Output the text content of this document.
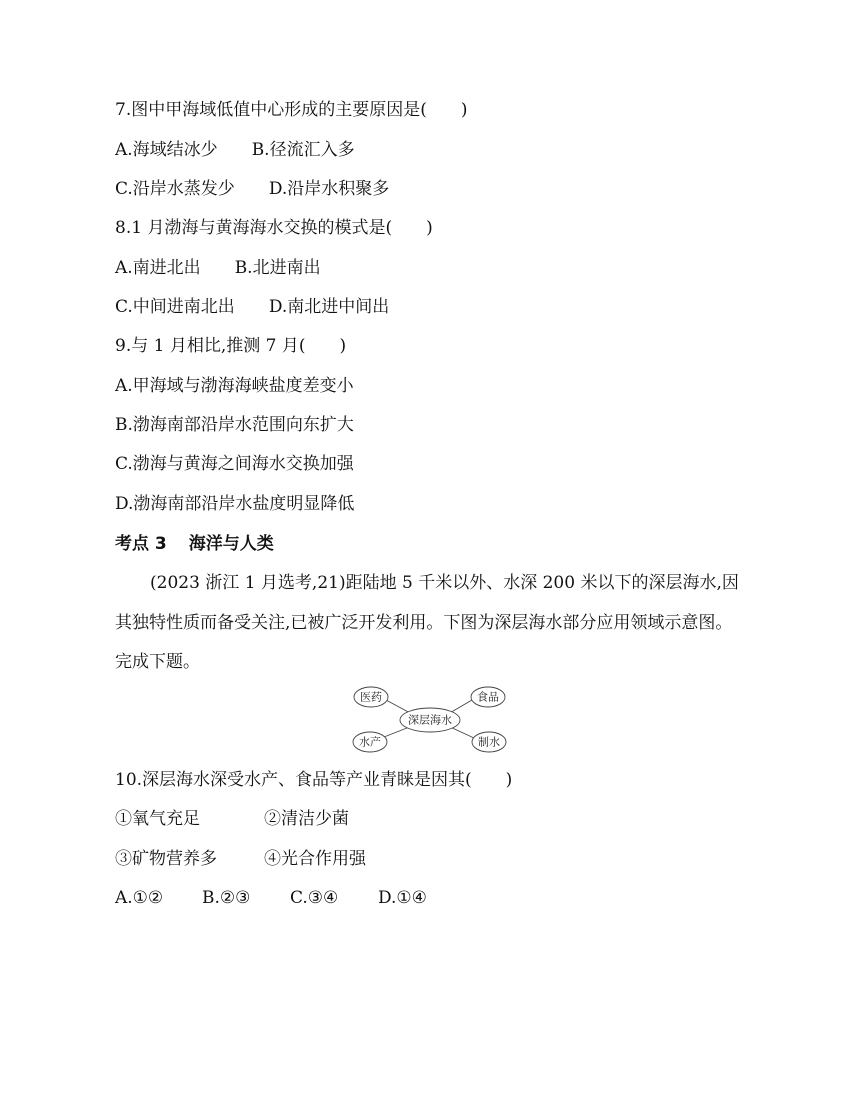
7.图中甲海域低值中心形成的主要原因是(　　)
A.海域结冰少 B.径流汇入多
C.沿岸水蒸发少 D.沿岸水积聚多
8.1 月渤海与黄海海水交换的模式是(　　)
A.南进北出 B.北进南出
C.中间进南北出 D.南北进中间出
9.与 1 月相比,推测 7 月(　　)
A.甲海域与渤海海峡盐度差变小
B.渤海南部沿岸水范围向东扩大
C.渤海与黄海之间海水交换加强
D.渤海南部沿岸水盐度明显降低
考点 3 海洋与人类
(2023 浙江 1 月选考,21)距陆地 5 千米以外、水深 200 米以下的深层海水,因
其独特性质而备受关注,已被广泛开发利用。下图为深层海水部分应用领域示意图。
完成下题。
深层海水
医药	食品
水产	制水
10.深层海水深受水产、食品等产业青睐是因其(　　)
①氧气充足	②清洁少菌
③矿物营养多	④光合作用强
A.①② B.②③ C.③④ D.①④
